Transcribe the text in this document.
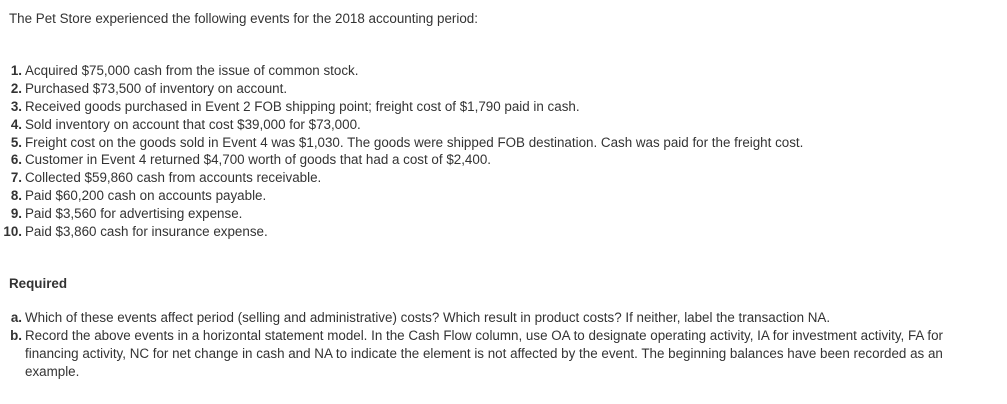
The Pet Store experienced the following events for the 2018 accounting period:

1. Acquired $75,000 cash from the issue of common stock.
2. Purchased $73,500 of inventory on account.
3. Received goods purchased in Event 2 FOB shipping point; freight cost of $1,790 paid in cash.
4. Sold inventory on account that cost $39,000 for $73,000.
5. Freight cost on the goods sold in Event 4 was $1,030. The goods were shipped FOB destination. Cash was paid for the freight cost.
6. Customer in Event 4 returned $4,700 worth of goods that had a cost of $2,400.
7. Collected $59,860 cash from accounts receivable.
8. Paid $60,200 cash on accounts payable.
9. Paid $3,560 for advertising expense.
10. Paid $3,860 cash for insurance expense.
Required
a. Which of these events affect period (selling and administrative) costs? Which result in product costs? If neither, label the transaction NA.
b. Record the above events in a horizontal statement model. In the Cash Flow column, use OA to designate operating activity, IA for investment activity, FA for financing activity, NC for net change in cash and NA to indicate the element is not affected by the event. The beginning balances have been recorded as an example.
